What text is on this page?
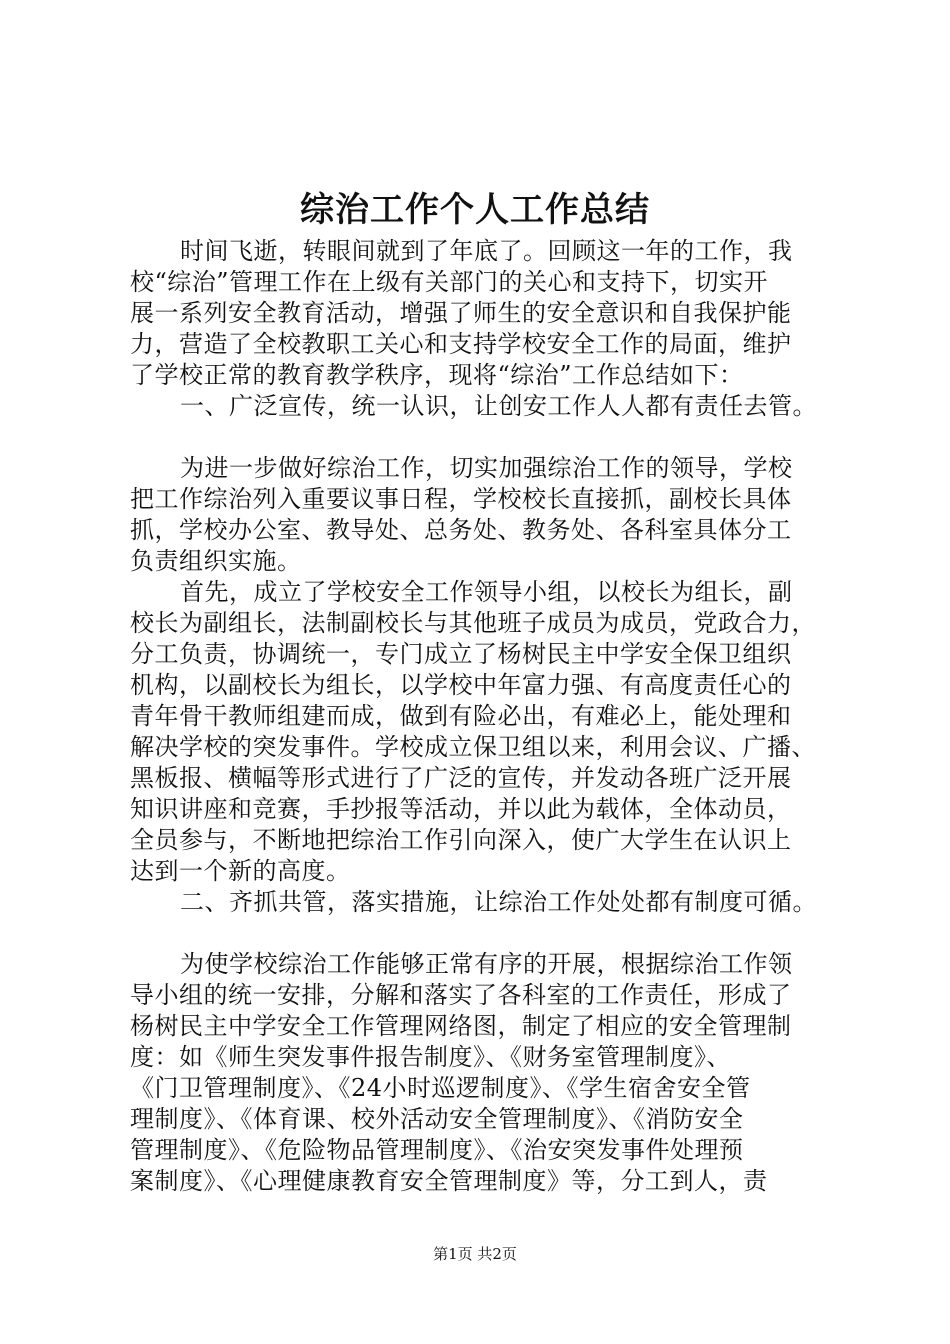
综治工作个人工作总结
时间飞逝，转眼间就到了年底了。回顾这一年的工作，我
校“综治”管理工作在上级有关部门的关心和支持下，切实开
展一系列安全教育活动，增强了师生的安全意识和自我保护能
力，营造了全校教职工关心和支持学校安全工作的局面，维护
了学校正常的教育教学秩序，现将“综治”工作总结如下：
一、广泛宣传，统一认识，让创安工作人人都有责任去管。
为进一步做好综治工作，切实加强综治工作的领导，学校
把工作综治列入重要议事日程，学校校长直接抓，副校长具体
抓，学校办公室、教导处、总务处、教务处、各科室具体分工
负责组织实施。
首先，成立了学校安全工作领导小组，以校长为组长，副
校长为副组长，法制副校长与其他班子成员为成员，党政合力，
分工负责，协调统一，专门成立了杨树民主中学安全保卫组织
机构，以副校长为组长，以学校中年富力强、有高度责任心的
青年骨干教师组建而成，做到有险必出，有难必上，能处理和
解决学校的突发事件。学校成立保卫组以来，利用会议、广播、
黑板报、横幅等形式进行了广泛的宣传，并发动各班广泛开展
知识讲座和竞赛，手抄报等活动，并以此为载体，全体动员，
全员参与，不断地把综治工作引向深入，使广大学生在认识上
达到一个新的高度。
二、齐抓共管，落实措施，让综治工作处处都有制度可循。
为使学校综治工作能够正常有序的开展，根据综治工作领
导小组的统一安排，分解和落实了各科室的工作责任，形成了
杨树民主中学安全工作管理网络图，制定了相应的安全管理制
度：如《师生突发事件报告制度》、《财务室管理制度》、
《门卫管理制度》、《24小时巡逻制度》、《学生宿舍安全管
理制度》、《体育课、校外活动安全管理制度》、《消防安全
管理制度》、《危险物品管理制度》、《治安突发事件处理预
案制度》、《心理健康教育安全管理制度》等，分工到人，责
第1页 共2页
